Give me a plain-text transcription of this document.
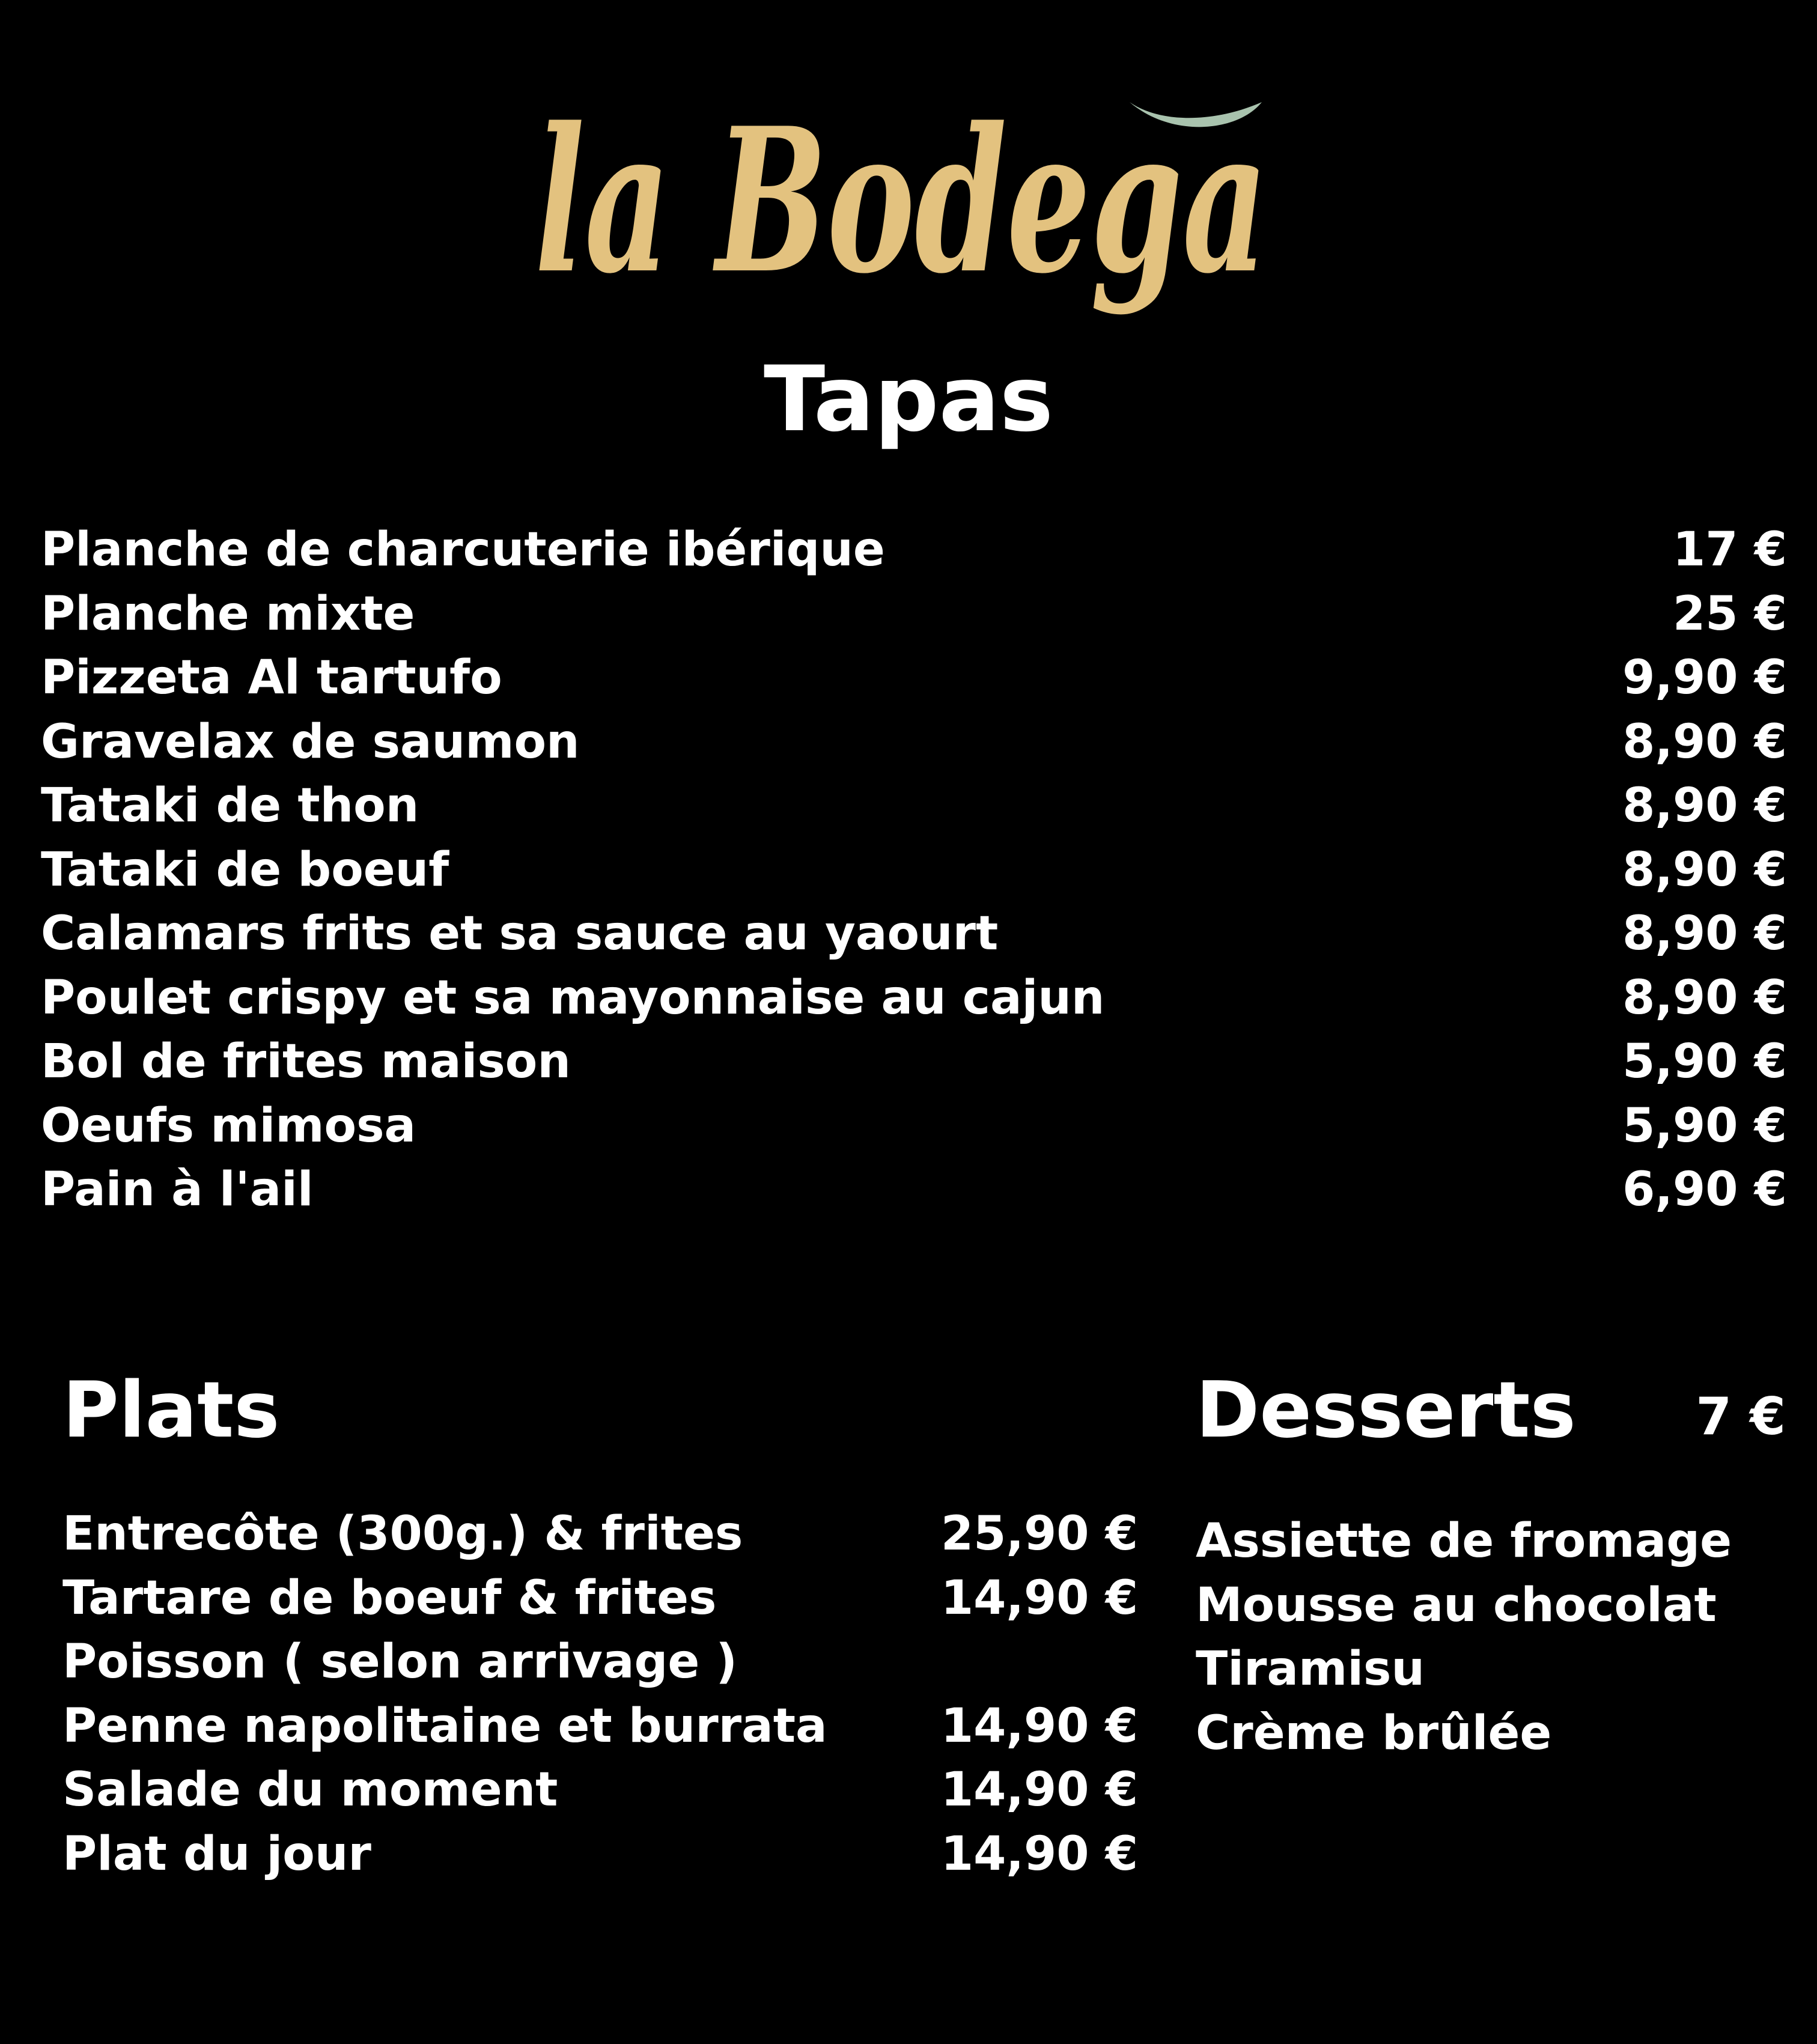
la Bodega
Tapas
Planche de charcuterie ibérique	17 €
Planche mixte	25 €
Pizzeta Al tartufo	9,90 €
Gravelax de saumon	8,90 €
Tataki de thon	8,90 €
Tataki de boeuf	8,90 €
Calamars frits et sa sauce au yaourt	8,90 €
Poulet crispy et sa mayonnaise au cajun	8,90 €
Bol de frites maison	5,90 €
Oeufs mimosa	5,90 €
Pain à l'ail	6,90 €
Plats
Entrecôte (300g.) & frites	25,90 €
Tartare de boeuf & frites	14,90 €
Poisson ( selon arrivage )
Penne napolitaine et burrata 14,90 €
Salade du moment	14,90 €
Plat du jour	14,90 €
Desserts 7 €
Assiette de fromage
Mousse au chocolat
Tiramisu
Crème brûlée
